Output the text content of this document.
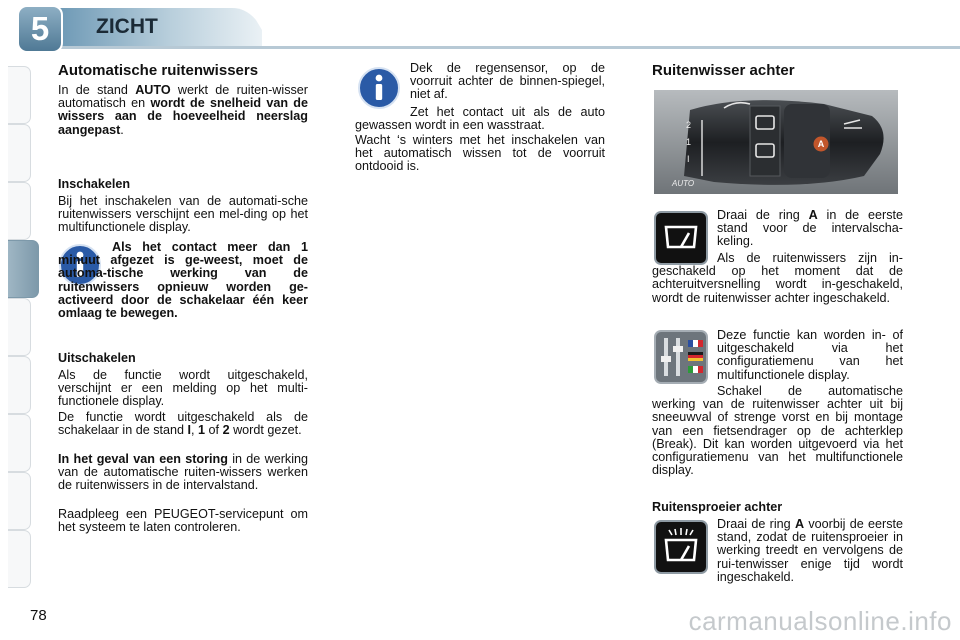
5	ZICHT
Automatische ruitenwissers
In de stand AUTO werkt de ruiten-wisser automatisch en wordt de snelheid van de wissers aan de hoeveelheid neerslag aangepast.
Inschakelen
Bij het inschakelen van de automati-sche ruitenwissers verschijnt een mel-ding op het multifunctionele display.
Als het contact meer dan 1 minuut afgezet is ge-weest, moet de automa-tische werking van de ruitenwissers opnieuw worden ge-activeerd door de schakelaar één keer omlaag te bewegen.
Uitschakelen
Als de functie wordt uitgeschakeld, verschijnt er een melding op het multi-functionele display.
De functie wordt uitgeschakeld als de schakelaar in de stand I, 1 of 2 wordt gezet.
In het geval van een storing in de werking van de automatische ruiten-wissers werken de ruitenwissers in de intervalstand.
Raadpleeg een PEUGEOT-servicepunt om het systeem te laten controleren.
Dek de regensensor, op de voorruit achter de binnen-spiegel, niet af.
Zet het contact uit als de auto gewassen wordt in een wasstraat.
Wacht ‘s winters met het inschakelen van het automatisch wissen tot de voorruit ontdooid is.
Ruitenwisser achter
2
1
I
AUTO
A
Draai de ring A in de eerste stand voor de intervalscha-keling.
Als de ruitenwissers zijn in-geschakeld op het moment dat de achteruitversnelling wordt in-geschakeld, wordt de ruitenwisser achter ingeschakeld.
Deze functie kan worden in- of uitgeschakeld via het configuratiemenu van het multifunctionele display.
Schakel de automatische werking van de ruitenwisser achter uit bij sneeuwval of strenge vorst en bij montage van een fietsendrager op de achterklep (Break). Dit kan worden uitgevoerd via het configuratiemenu van het multifunctionele display.
Ruitensproeier achter
Draai de ring A voorbij de eerste stand, zodat de ruitensproeier in werking treedt en vervolgens de rui-tenwisser enige tijd wordt ingeschakeld.
78	carmanualsonline.info
